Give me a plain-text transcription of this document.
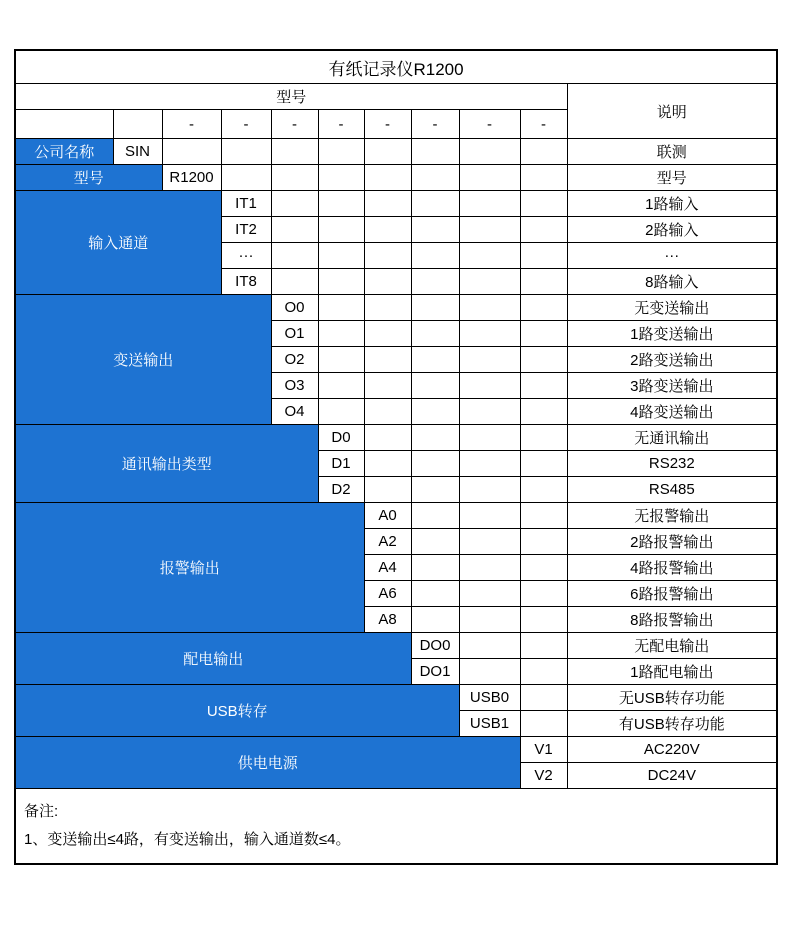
有纸记录仪R1200										
型号										说明
		-	-	-	-	-	-	-	-	
公司名称	SIN									联测
型号		R1200								型号
输入通道			IT1							1路输入
			IT2							2路输入
			···							···
			IT8							8路输入
变送输出				O0						无变送输出
				O1						1路变送输出
				O2						2路变送输出
				O3						3路变送输出
				O4						4路变送输出
通讯输出类型					D0					无通讯输出
					D1					RS232
					D2					RS485
报警输出						A0				无报警输出
						A2				2路报警输出
						A4				4路报警输出
						A6				6路报警输出
						A8				8路报警输出
配电输出							DO0			无配电输出
							DO1			1路配电输出
USB转存								USB0		无USB转存功能
								USB1		有USB转存功能
供电电源									V1	AC220V
									V2	DC24V

备注:
1、变送输出≤4路，有变送输出，输入通道数≤4。										
